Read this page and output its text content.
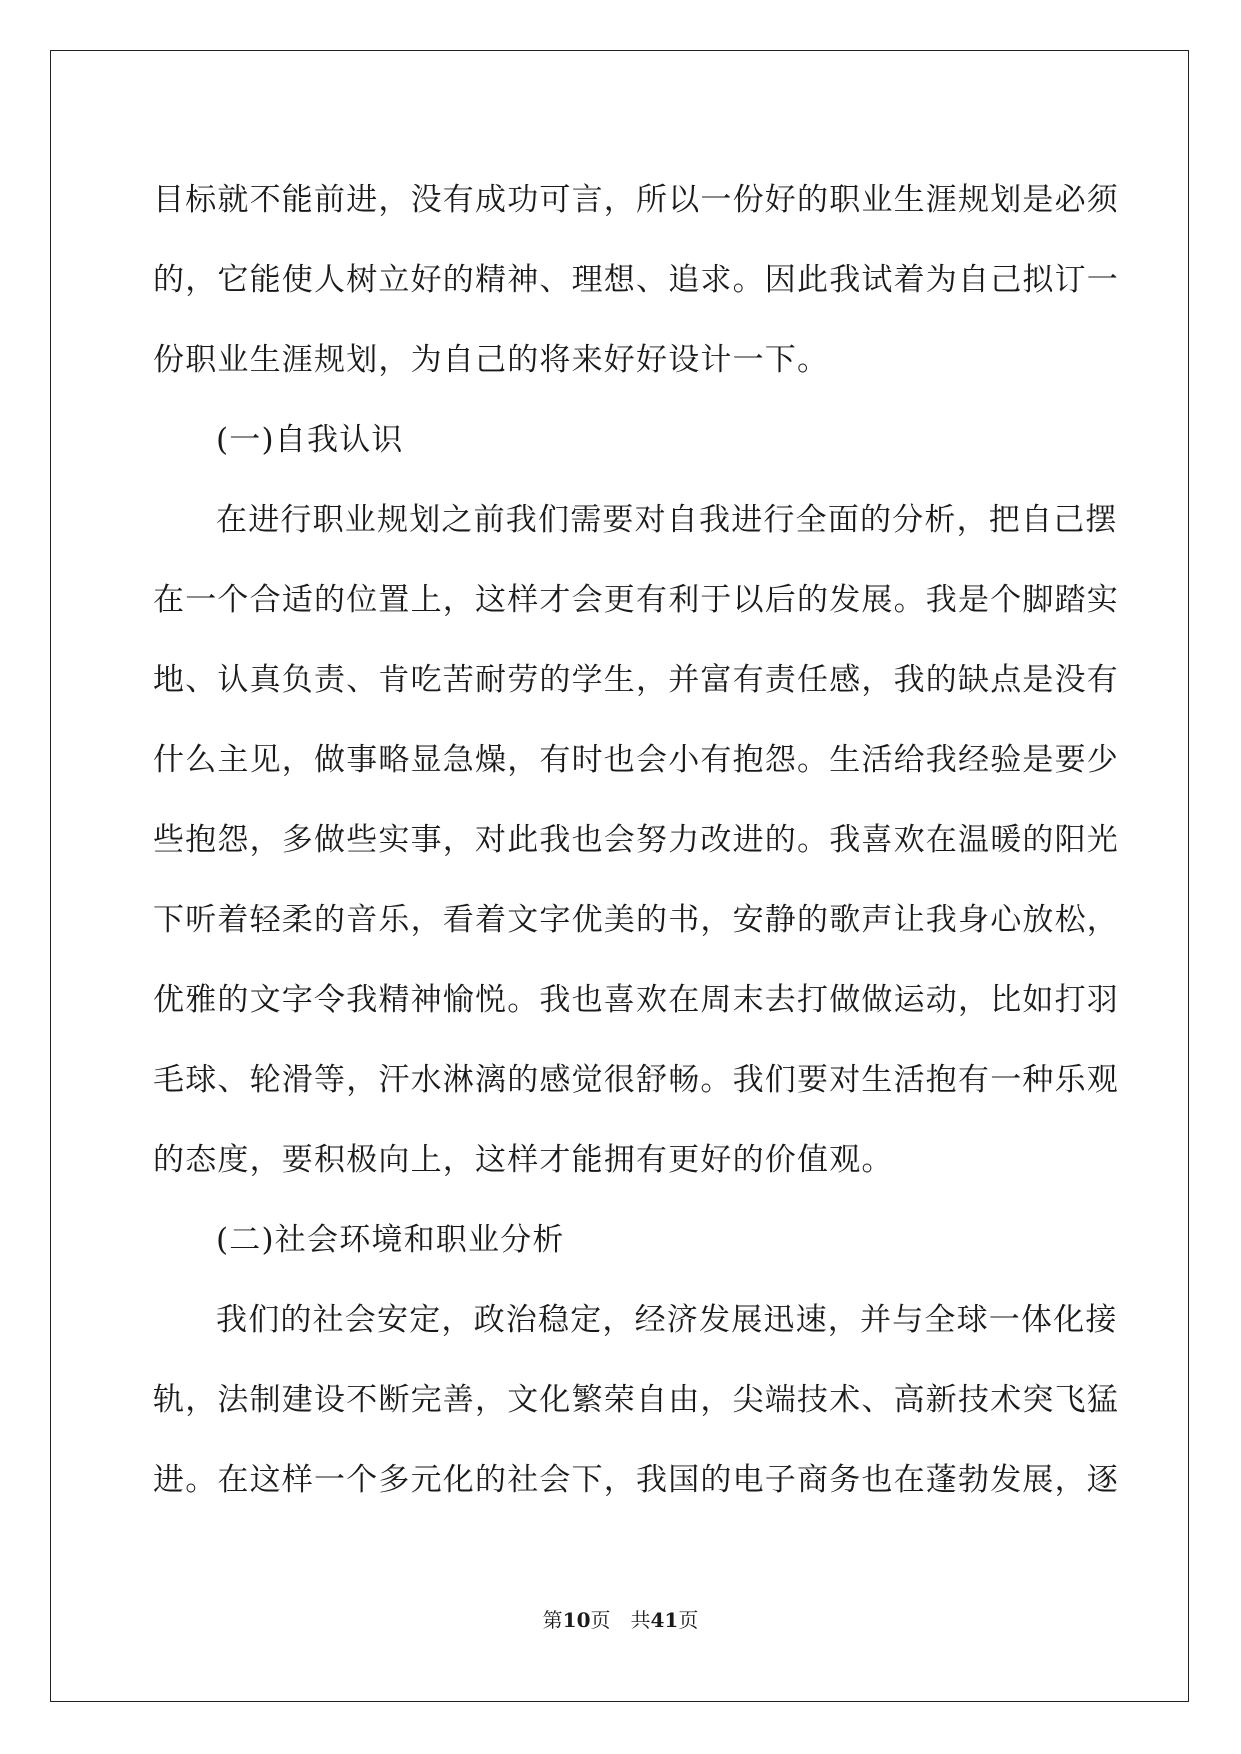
目标就不能前进，没有成功可言，所以一份好的职业生涯规划是必须
的，它能使人树立好的精神、理想、追求。因此我试着为自己拟订一
份职业生涯规划，为自己的将来好好设计一下。
(一)自我认识
在进行职业规划之前我们需要对自我进行全面的分析，把自己摆
在一个合适的位置上，这样才会更有利于以后的发展。我是个脚踏实
地、认真负责、肯吃苦耐劳的学生，并富有责任感，我的缺点是没有
什么主见，做事略显急燥，有时也会小有抱怨。生活给我经验是要少
些抱怨，多做些实事，对此我也会努力改进的。我喜欢在温暖的阳光
下听着轻柔的音乐，看着文字优美的书，安静的歌声让我身心放松，
优雅的文字令我精神愉悦。我也喜欢在周末去打做做运动，比如打羽
毛球、轮滑等，汗水淋漓的感觉很舒畅。我们要对生活抱有一种乐观
的态度，要积极向上，这样才能拥有更好的价值观。
(二)社会环境和职业分析
我们的社会安定，政治稳定，经济发展迅速，并与全球一体化接
轨，法制建设不断完善，文化繁荣自由，尖端技术、高新技术突飞猛
进。在这样一个多元化的社会下，我国的电子商务也在蓬勃发展，逐
第10页 共41页
